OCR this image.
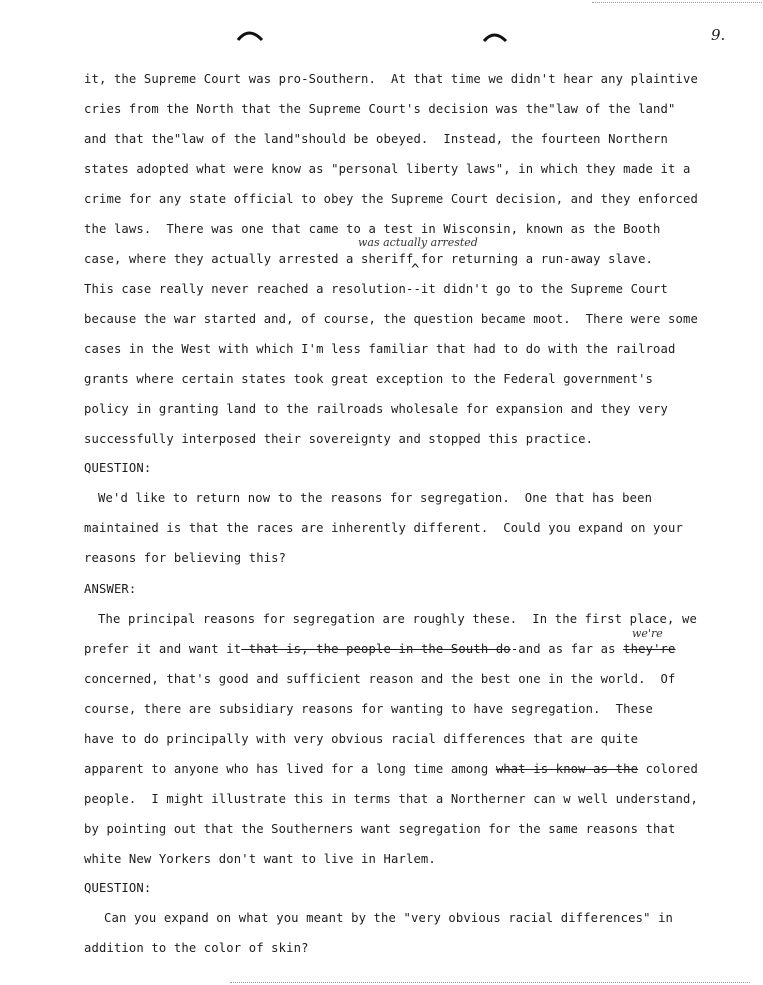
9.
it, the Supreme Court was pro-Southern.  At that time we didn't hear any plaintive
cries from the North that the Supreme Court's decision was the"law of the land"
and that the"law of the land"should be obeyed.  Instead, the fourteen Northern
states adopted what were know as "personal liberty laws", in which they made it a
crime for any state official to obey the Supreme Court decision, and they enforced
the laws.  There was one that came to a test in Wisconsin, known as the Booth
was actually arrested
case, where they actually arrested a sheriff for returning a run-away slave.
^
This case really never reached a resolution--it didn't go to the Supreme Court
because the war started and, of course, the question became moot.  There were some
cases in the West with which I'm less familiar that had to do with the railroad
grants where certain states took great exception to the Federal government's
policy in granting land to the railroads wholesale for expansion and they very
successfully interposed their sovereignty and stopped this practice.
QUESTION:
We'd like to return now to the reasons for segregation.  One that has been
maintained is that the races are inherently different.  Could you expand on your
reasons for believing this?
ANSWER:
The principal reasons for segregation are roughly these.  In the first place, we
we're
prefer it and want it-that is, the people in the South do-and as far as they're
concerned, that's good and sufficient reason and the best one in the world.  Of
course, there are subsidiary reasons for wanting to have segregation.  These
have to do principally with very obvious racial differences that are quite
apparent to anyone who has lived for a long time among what is know as the colored
people.  I might illustrate this in terms that a Northerner can w well understand,
by pointing out that the Southerners want segregation for the same reasons that
white New Yorkers don't want to live in Harlem.
QUESTION:
Can you expand on what you meant by the "very obvious racial differences" in
addition to the color of skin?
